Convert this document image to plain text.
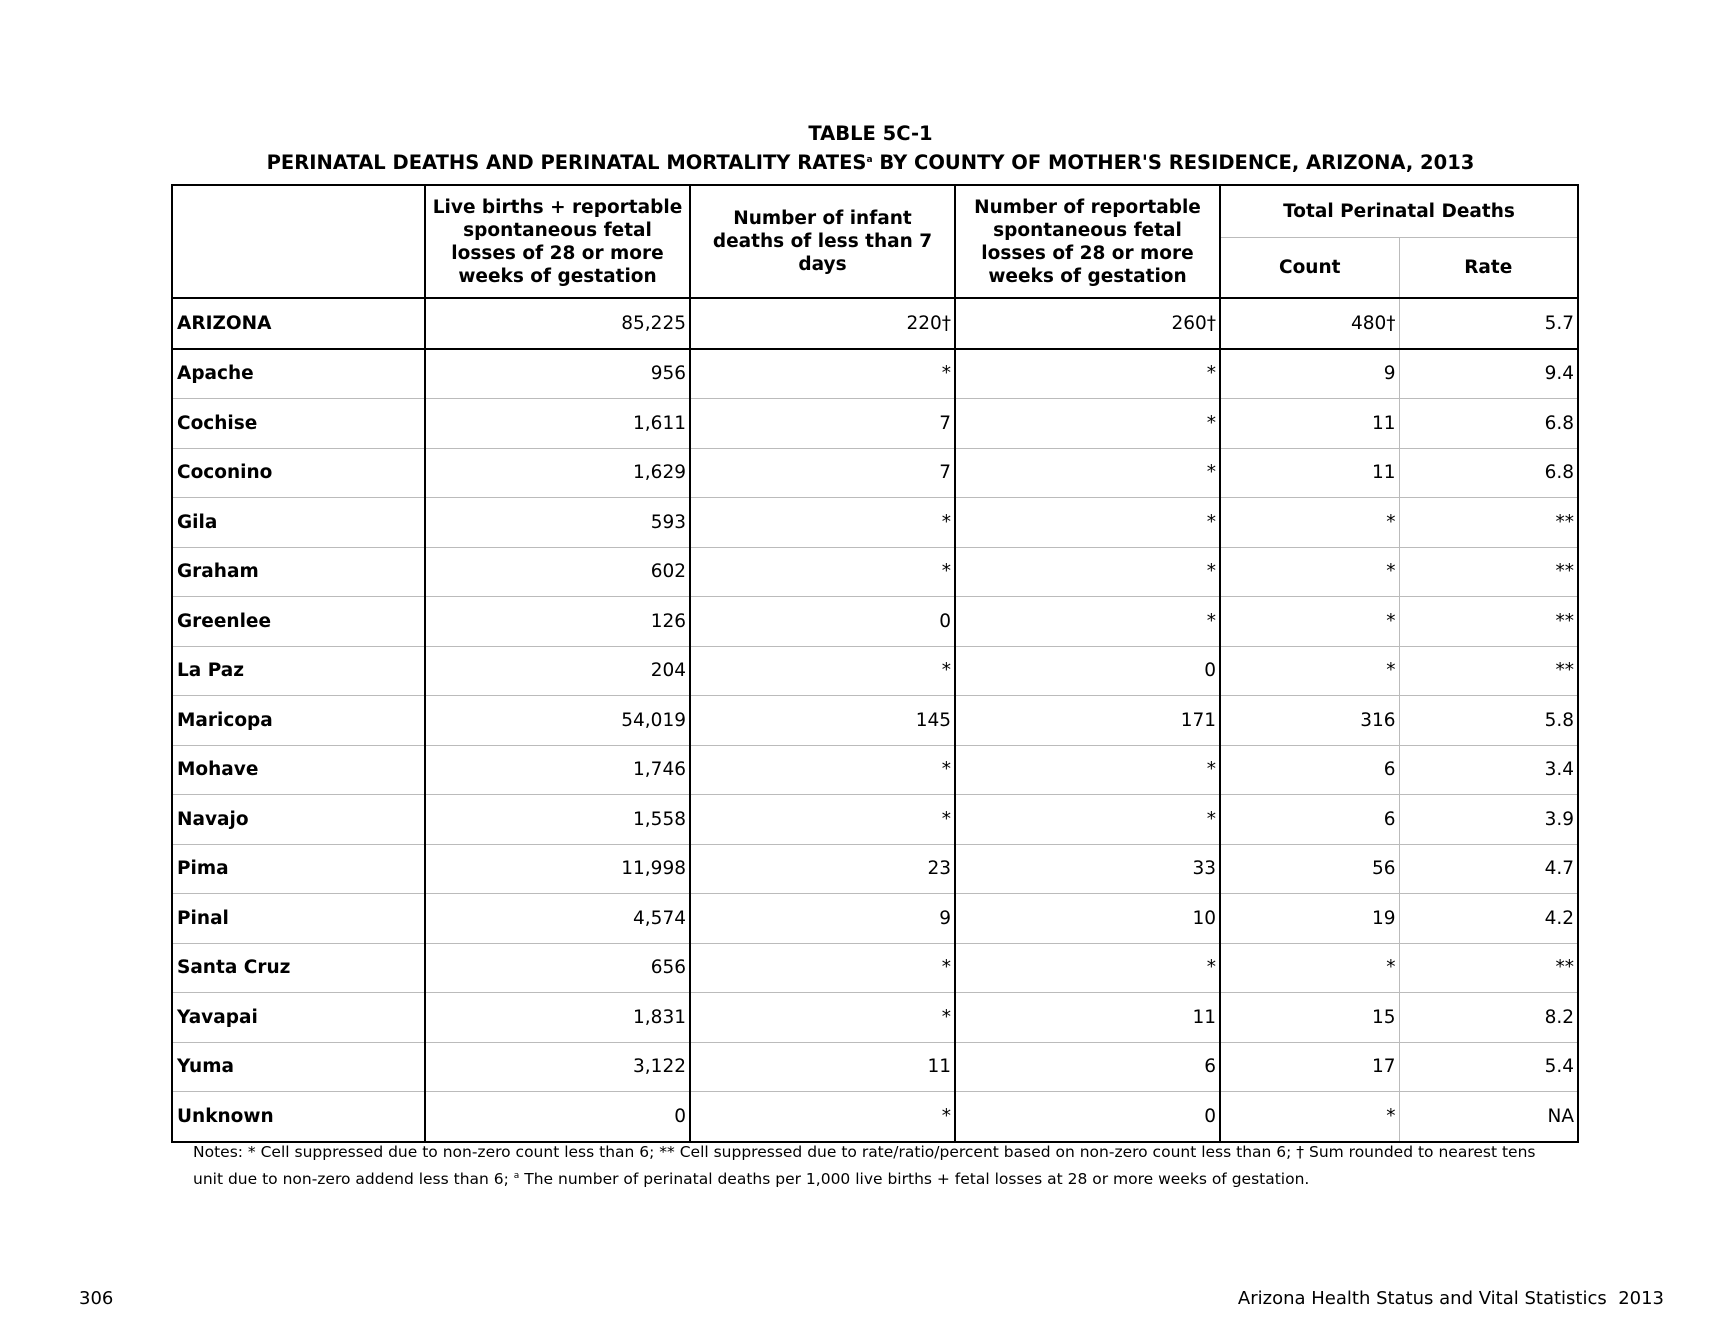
TABLE 5C-1
PERINATAL DEATHS AND PERINATAL MORTALITY RATES$^a$ BY COUNTY OF MOTHER'S RESIDENCE, ARIZONA, 2013
	Live births + reportable spontaneous fetal losses of 28 or more weeks of gestation	Number of infant deaths of less than 7 days	Number of reportable spontaneous fetal losses of 28 or more weeks of gestation	Total Perinatal Deaths	
				Count	Rate
ARIZONA	85,225	220†	260†	480†	5.7
Apache	956	*	*	9	9.4
Cochise	1,611	7	*	11	6.8
Coconino	1,629	7	*	11	6.8
Gila	593	*	*	*	**
Graham	602	*	*	*	**
Greenlee	126	0	*	*	**
La Paz	204	*	0	*	**
Maricopa	54,019	145	171	316	5.8
Mohave	1,746	*	*	6	3.4
Navajo	1,558	*	*	6	3.9
Pima	11,998	23	33	56	4.7
Pinal	4,574	9	10	19	4.2
Santa Cruz	656	*	*	*	**
Yavapai	1,831	*	11	15	8.2
Yuma	3,122	11	6	17	5.4
Unknown	0	*	0	*	NA
Notes: * Cell suppressed due to non-zero count less than 6; ** Cell suppressed due to rate/ratio/percent based on non-zero count less than 6; † Sum rounded to nearest tens unit due to non-zero addend less than 6; $^a$ The number of perinatal deaths per 1,000 live births + fetal losses at 28 or more weeks of gestation.
306	Arizona Health Status and Vital Statistics  2013
